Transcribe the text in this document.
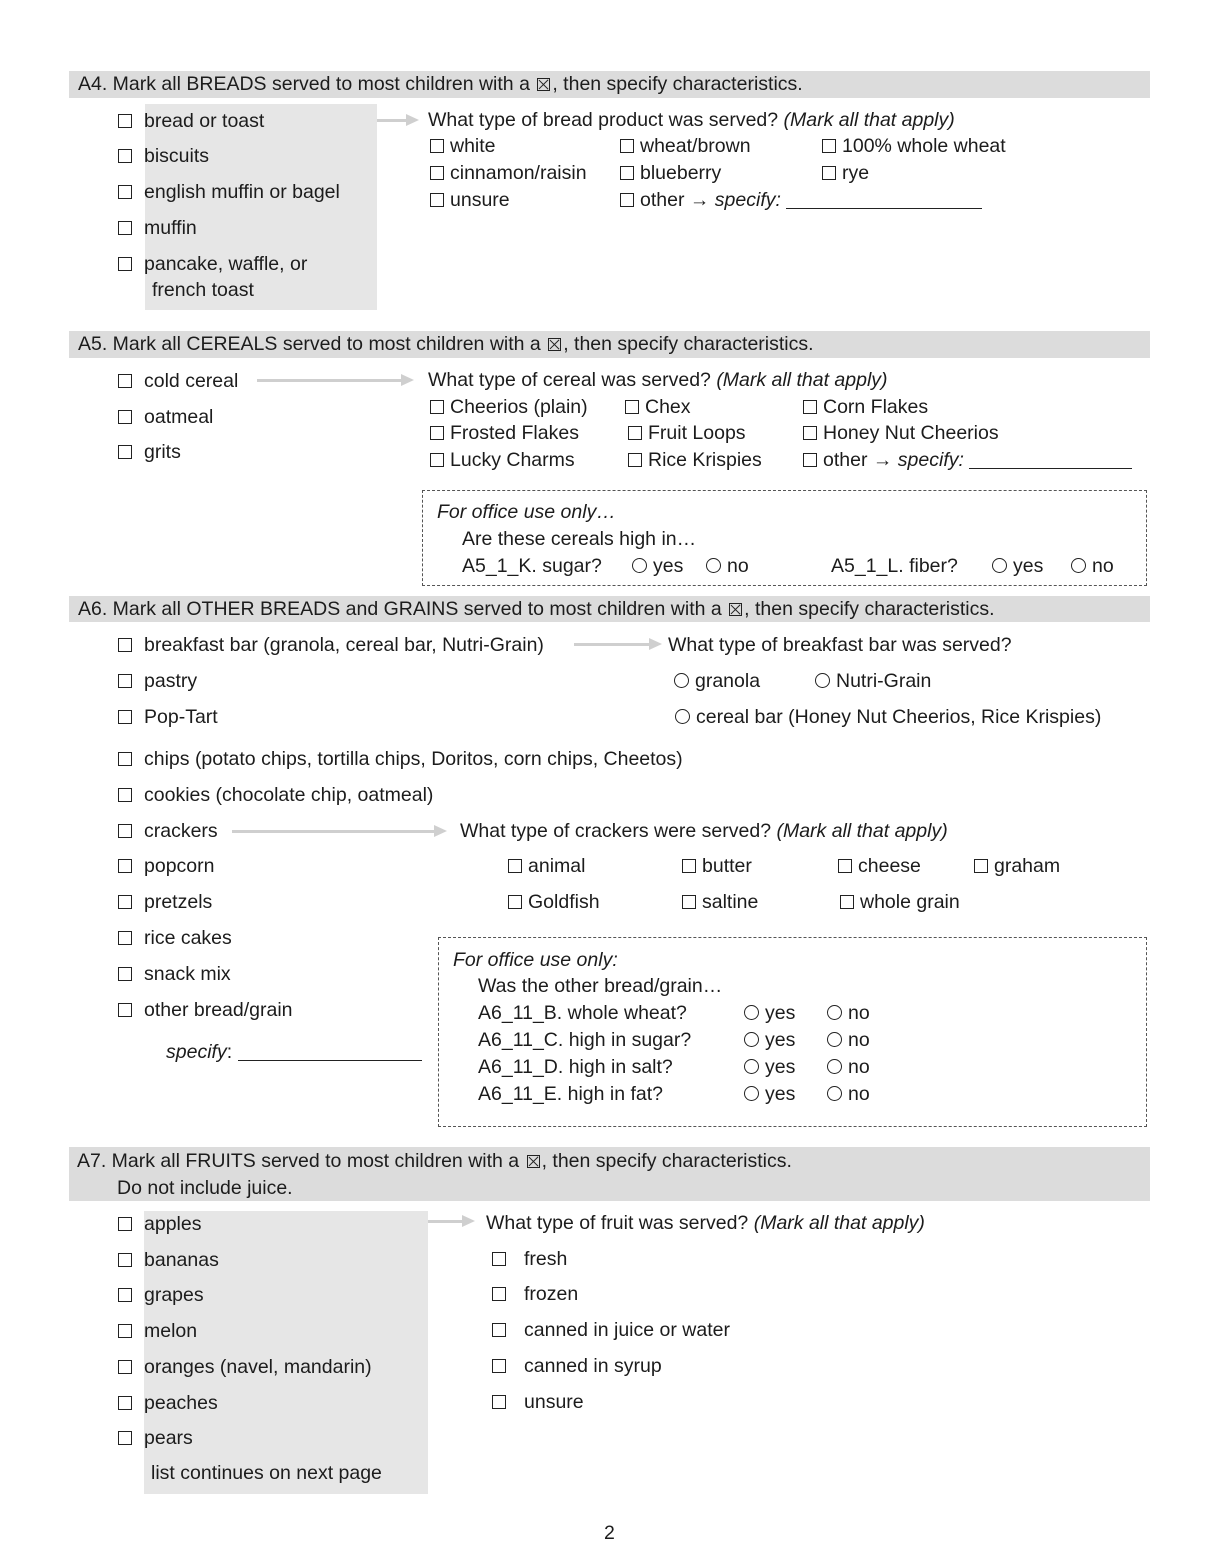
A4. Mark all BREADS served to most children with a , then specify characteristics.
bread or toast
biscuits
english muffin or bagel
muffin
pancake, waffle, or
french toast
What type of bread product was served? (Mark all that apply)
white	wheat/brown	100% whole wheat
cinnamon/raisin	blueberry	rye
unsure	other → specify:
A5. Mark all CEREALS served to most children with a , then specify characteristics.
cold cereal
oatmeal
grits
What type of cereal was served? (Mark all that apply)
Cheerios (plain)	Chex	Corn Flakes
Frosted Flakes	Fruit Loops	Honey Nut Cheerios
Lucky Charms	Rice Krispies	other → specify:
For office use only…
Are these cereals high in…
A5_1_K. sugar?	yes	no	A5_1_L. fiber?	yes	no
A6. Mark all OTHER BREADS and GRAINS served to most children with a , then specify characteristics.
breakfast bar (granola, cereal bar, Nutri-Grain)
pastry
Pop-Tart
chips (potato chips, tortilla chips, Doritos, corn chips, Cheetos)
cookies (chocolate chip, oatmeal)
crackers
popcorn
pretzels
rice cakes
snack mix
other bread/grain
specify:
What type of breakfast bar was served?
granola	Nutri-Grain
cereal bar (Honey Nut Cheerios, Rice Krispies)
What type of crackers were served? (Mark all that apply)
animal	butter	cheese	graham
Goldfish	saltine	whole grain
For office use only:
Was the other bread/grain…
A6_11_B. whole wheat?	yes	no
A6_11_C. high in sugar?	yes	no
A6_11_D. high in salt?	yes	no
A6_11_E. high in fat?	yes	no
A7. Mark all FRUITS served to most children with a , then specify characteristics.
Do not include juice.
apples
bananas
grapes
melon
oranges (navel, mandarin)
peaches
pears
list continues on next page
What type of fruit was served? (Mark all that apply)
fresh
frozen
canned in juice or water
canned in syrup
unsure
2
